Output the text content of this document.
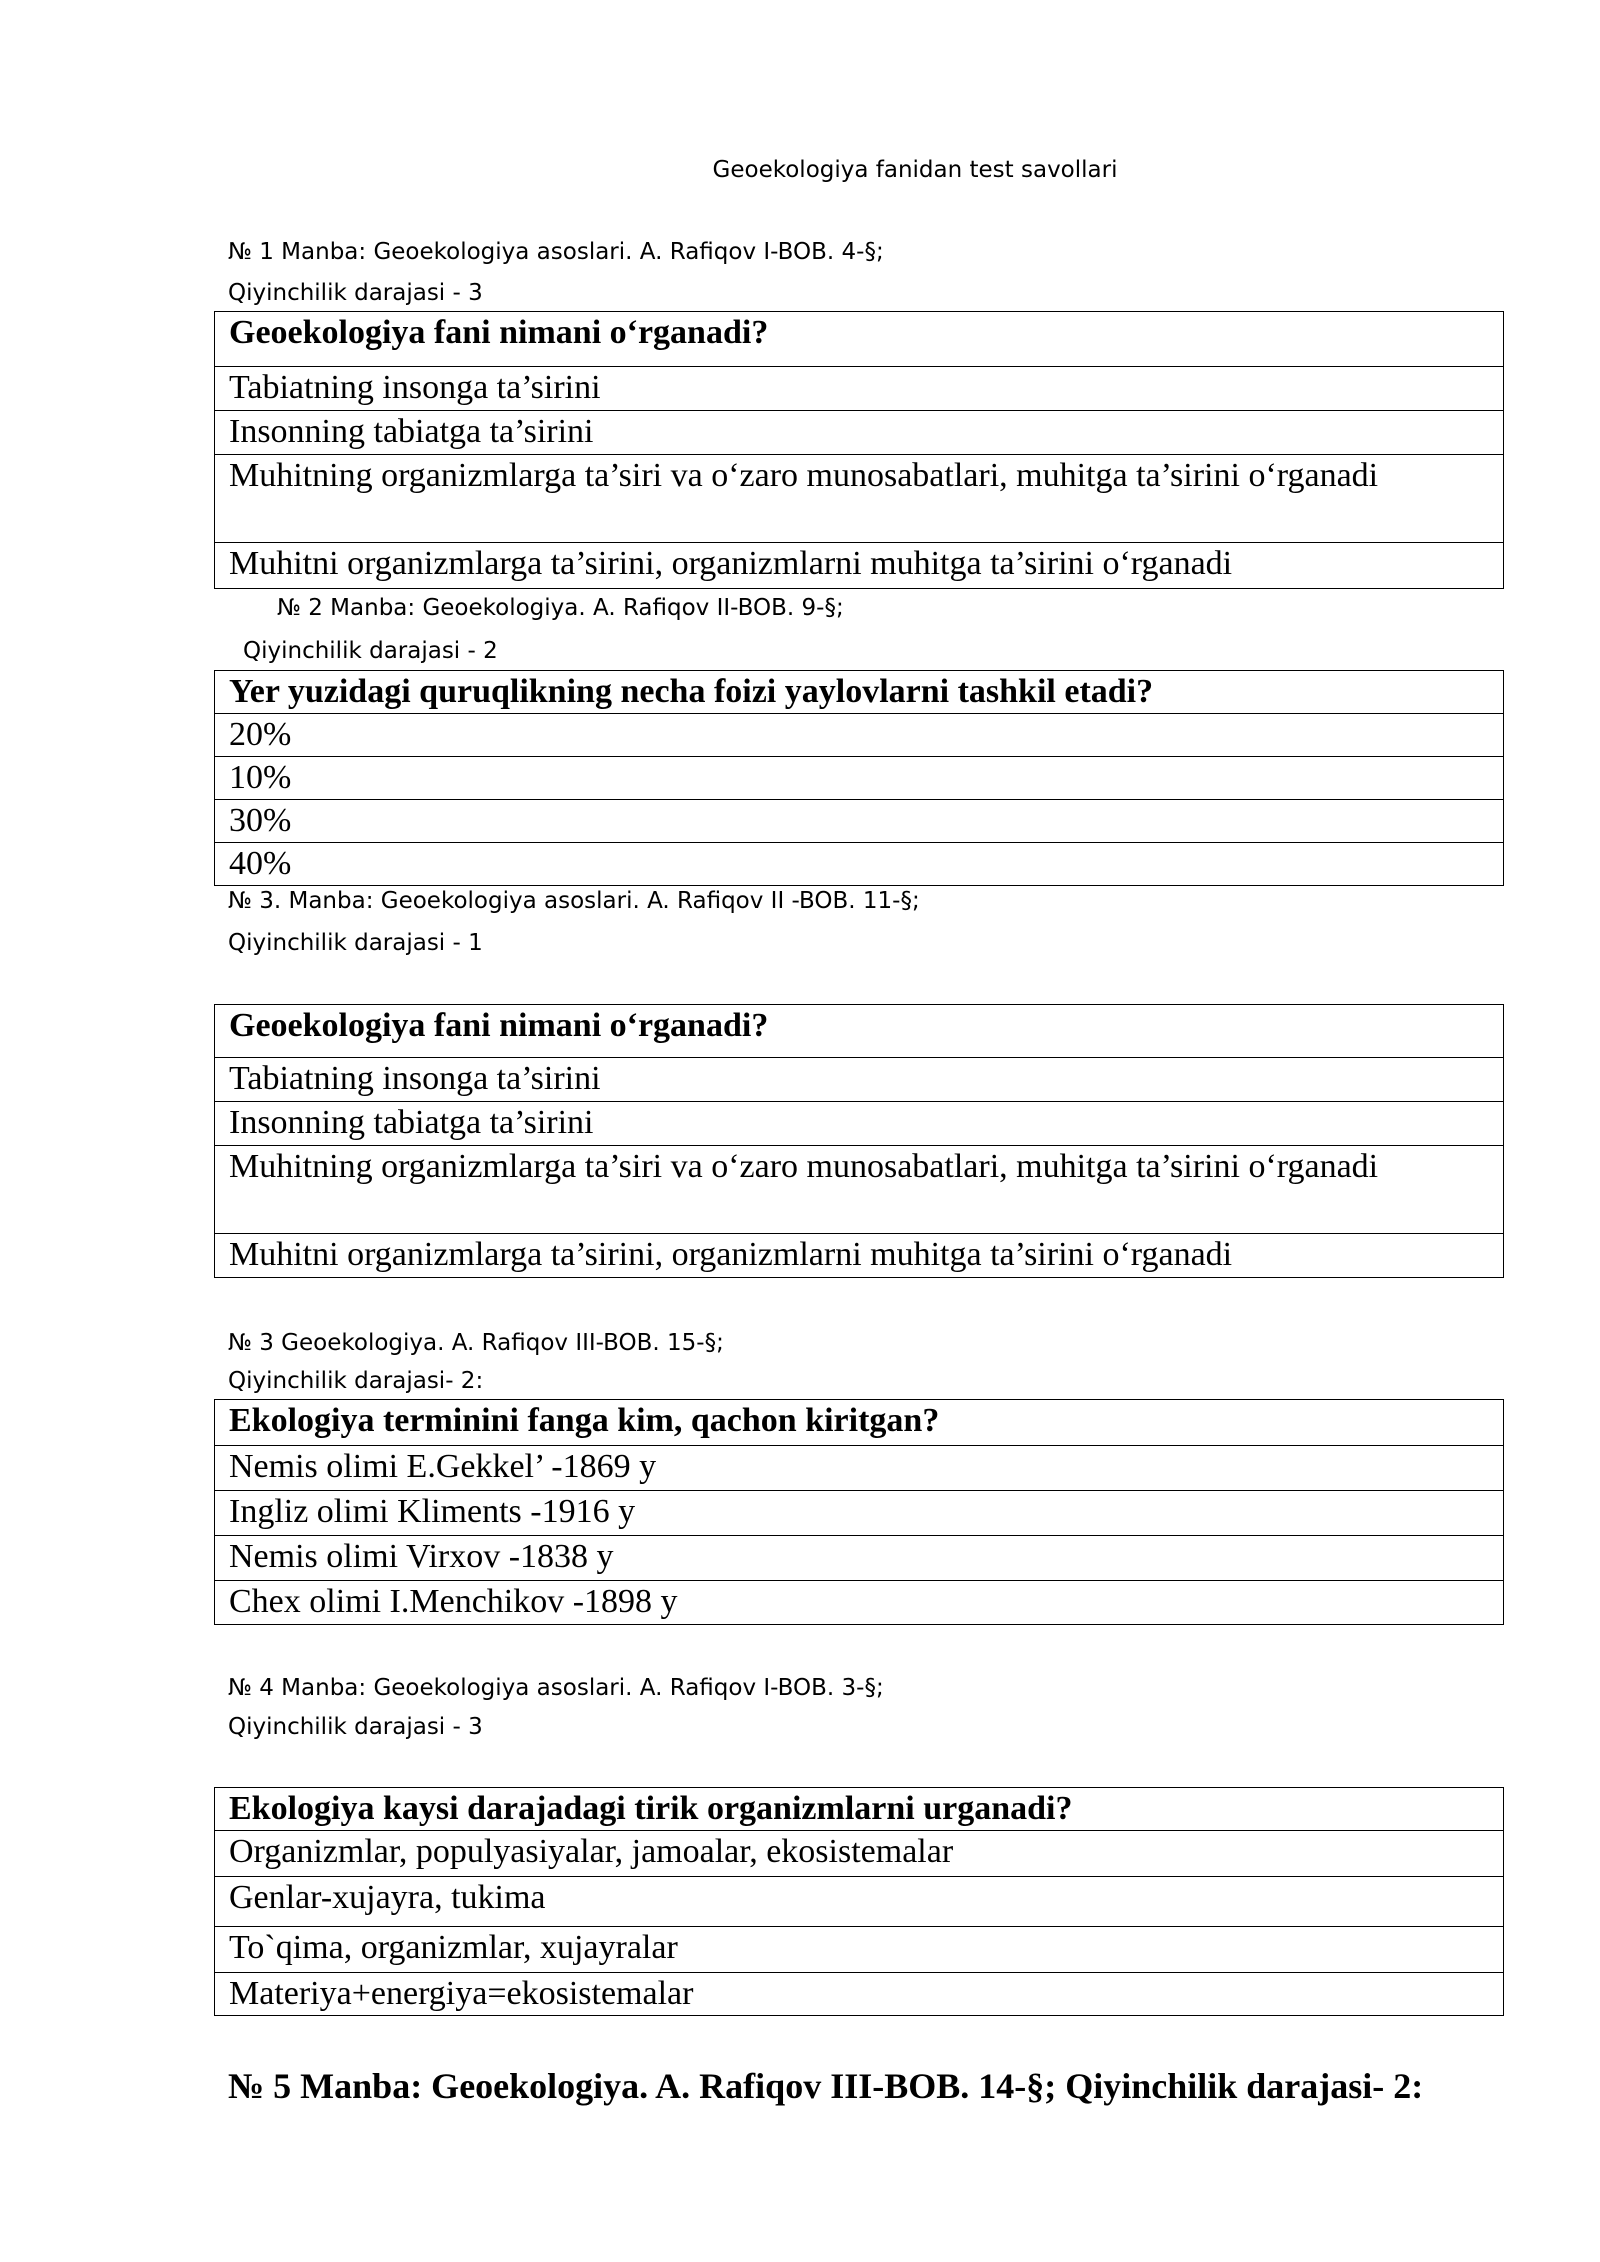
Geoekologiya fanidan test savollari
№ 1 Manba: Geoekologiya asoslari. A. Rafiqov I-BOB. 4-§;
Qiyinchilik darajasi - 3
Geoekologiya fani nimani oʻrganadi?
Tabiatning insonga ta’sirini
Insonning tabiatga ta’sirini
Muhitning organizmlarga ta’siri va oʻzaro munosabatlari, muhitga ta’sirini oʻrganadi
Muhitni organizmlarga ta’sirini, organizmlarni muhitga ta’sirini oʻrganadi
№ 2 Manba: Geoekologiya. A. Rafiqov II-BOB. 9-§;
Qiyinchilik darajasi - 2
Yer yuzidagi quruqlikning necha foizi yaylovlarni tashkil etadi?
20%
10%
30%
40%
№ 3. Manba: Geoekologiya asoslari. A. Rafiqov II -BOB. 11-§;
Qiyinchilik darajasi - 1
Geoekologiya fani nimani oʻrganadi?
Tabiatning insonga ta’sirini
Insonning tabiatga ta’sirini
Muhitning organizmlarga ta’siri va oʻzaro munosabatlari, muhitga ta’sirini oʻrganadi
Muhitni organizmlarga ta’sirini, organizmlarni muhitga ta’sirini oʻrganadi
№ 3 Geoekologiya. A. Rafiqov III-BOB. 15-§;
Qiyinchilik darajasi- 2:
Ekologiya terminini fanga kim, qachon kiritgan?
Nemis olimi E.Gekkel’ -1869 y
Ingliz olimi Kliments -1916 y
Nemis olimi Virxov -1838 y
Chex olimi I.Menchikov -1898 y
№ 4 Manba: Geoekologiya asoslari. A. Rafiqov I-BOB. 3-§;
Qiyinchilik darajasi - 3
Ekologiya kaysi darajadagi tirik organizmlarni urganadi?
Organizmlar, populyasiyalar, jamoalar, ekosistemalar
Genlar-xujayra, tukima
To`qima, organizmlar, xujayralar
Materiya+energiya=ekosistemalar
№ 5 Manba: Geoekologiya. A. Rafiqov III-BOB. 14-§; Qiyinchilik darajasi- 2:
